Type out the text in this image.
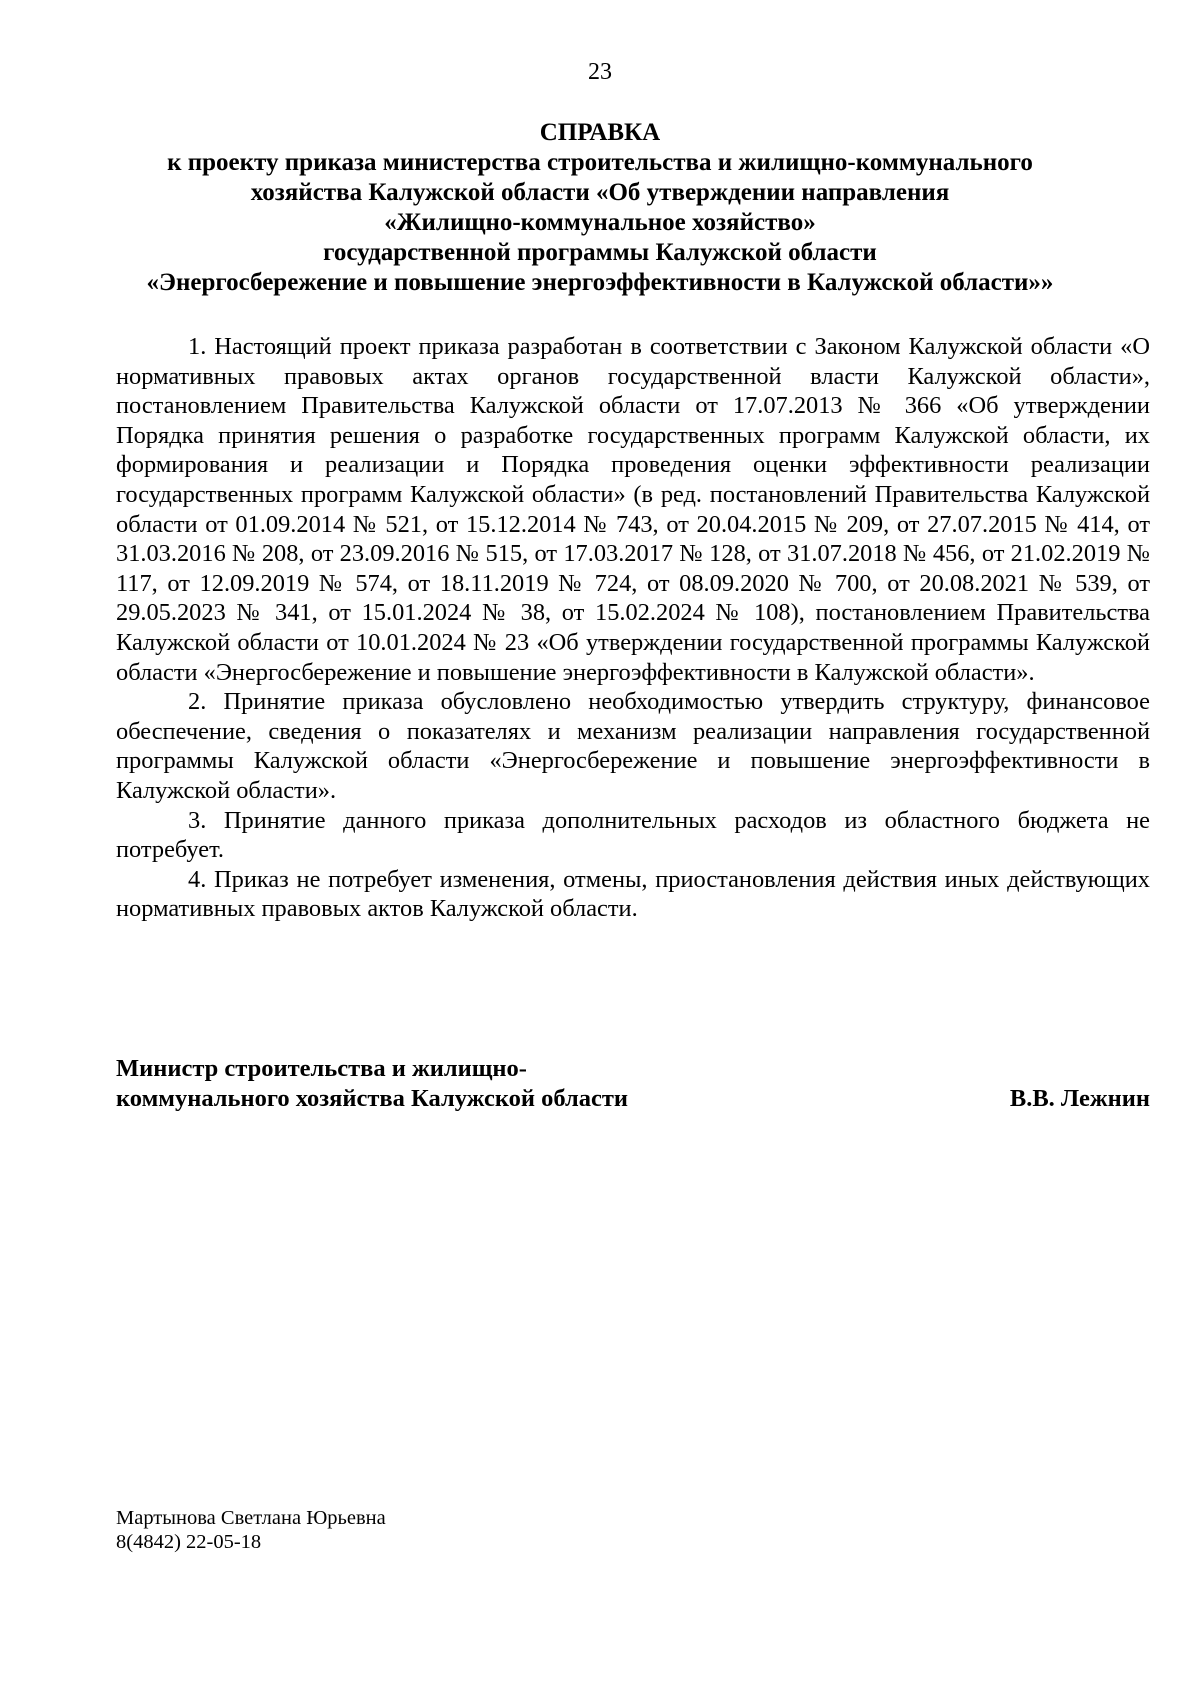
23
СПРАВКА
к проекту приказа министерства строительства и жилищно-коммунального
хозяйства Калужской области «Об утверждении направления
«Жилищно-коммунальное хозяйство»
государственной программы Калужской области
«Энергосбережение и повышение энергоэффективности в Калужской области»»

1. Настоящий проект приказа разработан в соответствии с Законом Калужской области «О нормативных правовых актах органов государственной власти Калужской области», постановлением Правительства Калужской области от 17.07.2013 № 366 «Об утверждении Порядка принятия решения о разработке государственных программ Калужской области, их формирования и реализации и Порядка проведения оценки эффективности реализации государственных программ Калужской области» (в ред. постановлений Правительства Калужской области от 01.09.2014 № 521, от 15.12.2014 № 743, от 20.04.2015 № 209, от 27.07.2015 № 414, от 31.03.2016 № 208, от 23.09.2016 № 515, от 17.03.2017 № 128, от 31.07.2018 № 456, от 21.02.2019 № 117, от 12.09.2019 № 574, от 18.11.2019 № 724, от 08.09.2020 № 700, от 20.08.2021 № 539, от 29.05.2023 № 341, от 15.01.2024 № 38, от 15.02.2024 № 108), постановлением Правительства Калужской области от 10.01.2024 № 23 «Об утверждении государственной программы Калужской области «Энергосбережение и повышение энергоэффективности в Калужской области».

2. Принятие приказа обусловлено необходимостью утвердить структуру, финансовое обеспечение, сведения о показателях и механизм реализации направления государственной программы Калужской области «Энергосбережение и повышение энергоэффективности в Калужской области».

3. Принятие данного приказа дополнительных расходов из областного бюджета не потребует.

4. Приказ не потребует изменения, отмены, приостановления действия иных действующих нормативных правовых актов Калужской области.

Министр строительства и жилищно-
коммунального хозяйства Калужской области	В.В. Лежнин
Мартынова Светлана Юрьевна
8(4842) 22-05-18
